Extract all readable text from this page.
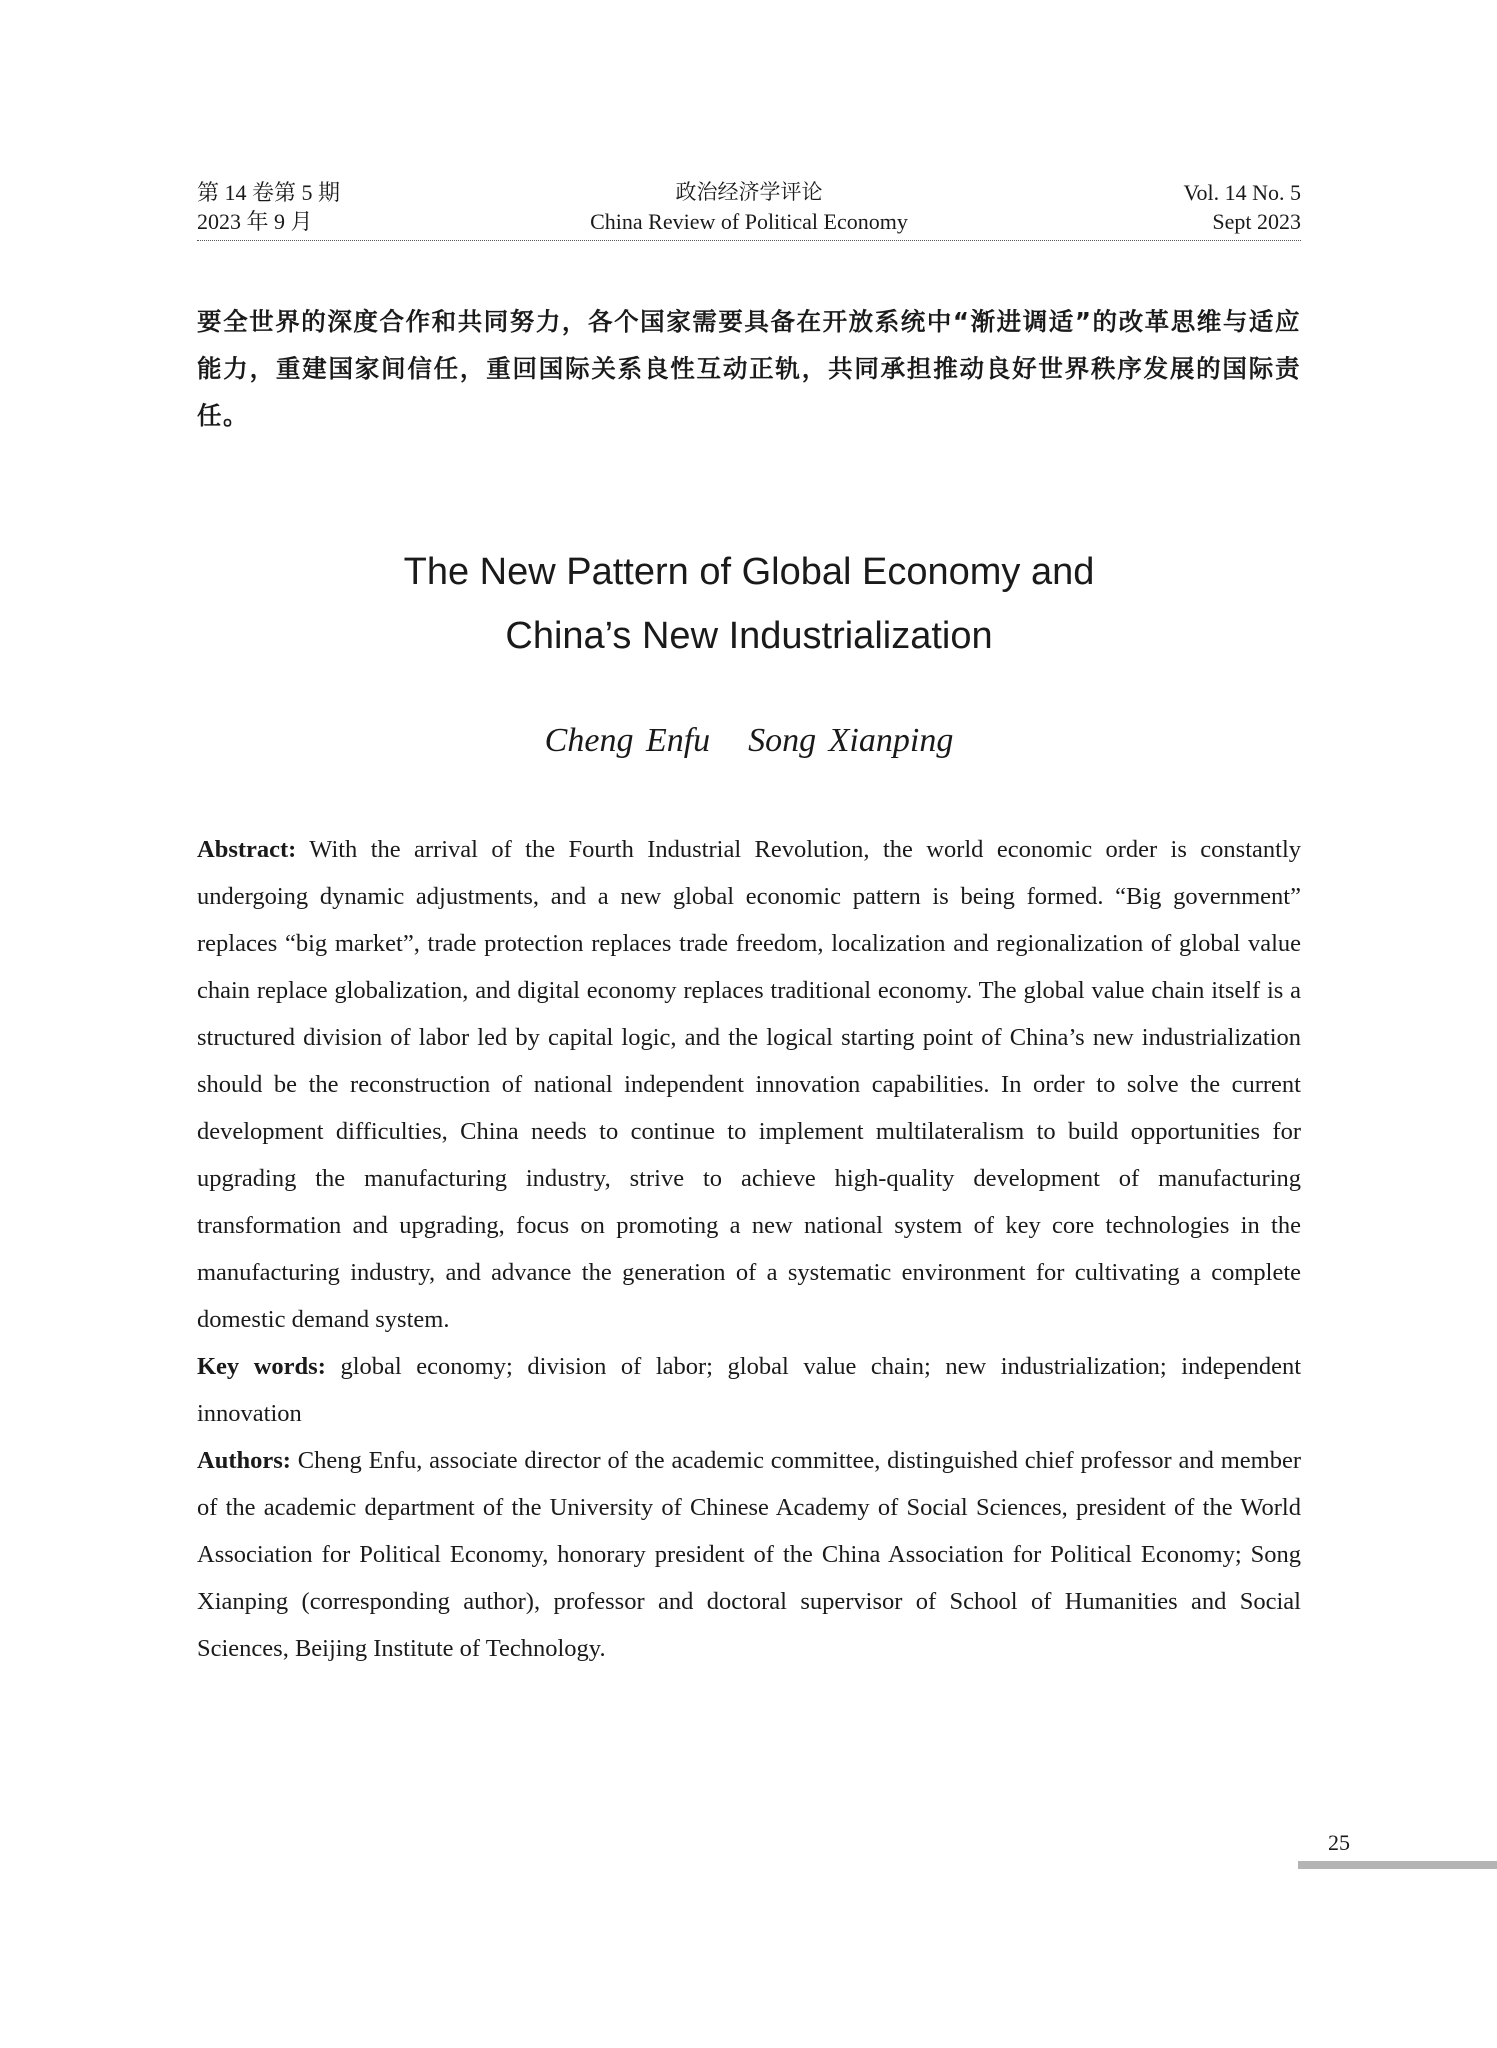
第 14 卷第 5 期
2023 年 9 月
政治经济学评论
China Review of Political Economy
Vol. 14 No. 5
Sept 2023
要全世界的深度合作和共同努力，各个国家需要具备在开放系统中“渐进调适”的改革思维与适应能力，重建国家间信任，重回国际关系良性互动正轨，共同承担推动良好世界秩序发展的国际责任。
The New Pattern of Global Economy and
China’s New Industrialization
Cheng Enfu Song Xianping

Abstract: With the arrival of the Fourth Industrial Revolution, the world economic order is constantly undergoing dynamic adjustments, and a new global economic pattern is being formed. “Big government” replaces “big market”, trade protection replaces trade freedom, localization and regionalization of global value chain replace globalization, and digital economy replaces traditional economy. The global value chain itself is a structured division of labor led by capital logic, and the logical starting point of China’s new industrialization should be the reconstruction of national independent innovation capabilities. In order to solve the current development difficulties, China needs to continue to implement multilateralism to build opportunities for upgrading the manufacturing industry, strive to achieve high-quality development of manufacturing transformation and upgrading, focus on promoting a new national system of key core technologies in the manufacturing industry, and advance the generation of a systematic environment for cultivating a complete domestic demand system.

Key words: global economy; division of labor; global value chain; new industrialization; independent innovation

Authors: Cheng Enfu, associate director of the academic committee, distinguished chief professor and member of the academic department of the University of Chinese Academy of Social Sciences, president of the World Association for Political Economy, honorary president of the China Association for Political Economy; Song Xianping (corresponding author), professor and doctoral supervisor of School of Humanities and Social Sciences, Beijing Institute of Technology.

25
